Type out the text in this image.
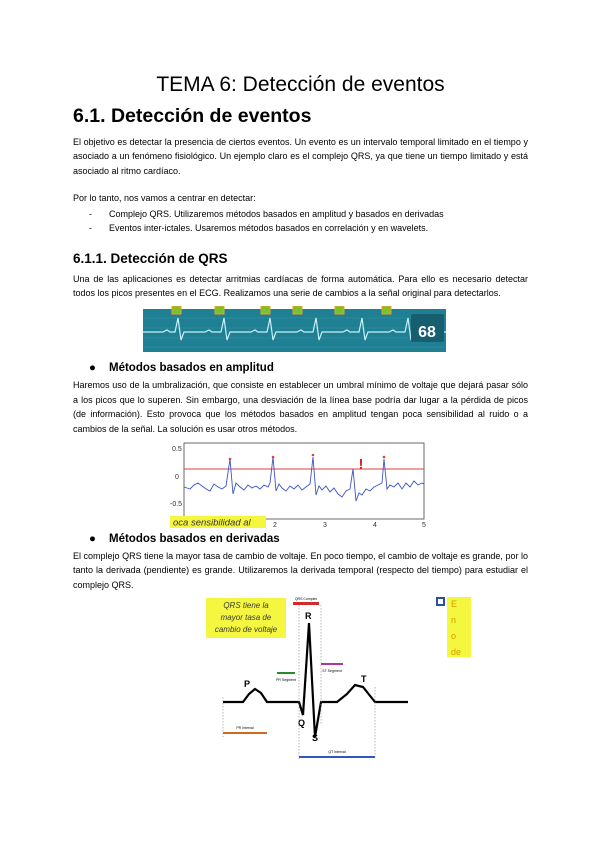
TEMA 6: Detección de eventos
6.1. Detección de eventos

El objetivo es detectar la presencia de ciertos eventos. Un evento es un intervalo temporal limitado en el tiempo y asociado a un fenómeno fisiológico. Un ejemplo claro es el complejo QRS, ya que tiene un tiempo limitado y está asociado al ritmo cardíaco.

Por lo tanto, nos vamos a centrar en detectar:

- Complejo QRS. Utilizaremos métodos basados en amplitud y basados en derivadas
- Eventos inter-ictales. Usaremos métodos basados en correlación y en wavelets.
6.1.1. Detección de QRS

Una de las aplicaciones es detectar arritmias cardíacas de forma automática. Para ello es necesario detectar todos los picos presentes en el ECG. Realizamos una serie de cambios a la señal original para detectarlos.

68
● Métodos basados en amplitud

Haremos uso de la umbralización, que consiste en establecer un umbral mínimo de voltaje que dejará pasar sólo a los picos que lo superen. Sin embargo, una desviación de la línea base podría dar lugar a la pérdida de picos (de información). Esto provoca que los métodos basados en amplitud tengan poca sensibilidad al ruido o a cambios de la señal. La solución es usar otros métodos.

0.5
0
-0.5
!
2	3	4	5
oca sensibilidad al
● Métodos basados en derivadas

El complejo QRS tiene la mayor tasa de cambio de voltaje. En poco tiempo, el cambio de voltaje es grande, por lo tanto la derivada (pendiente) es grande. Utilizaremos la derivada temporal (respecto del tiempo) para estudiar el complejo QRS.

QRS tiene la
mayor tasa de
cambio de voltaje
QRS Complex
P
R
Q
S
T
PR Segment
ST Segment
PR Interval
QT Interval
E
n
o
de
